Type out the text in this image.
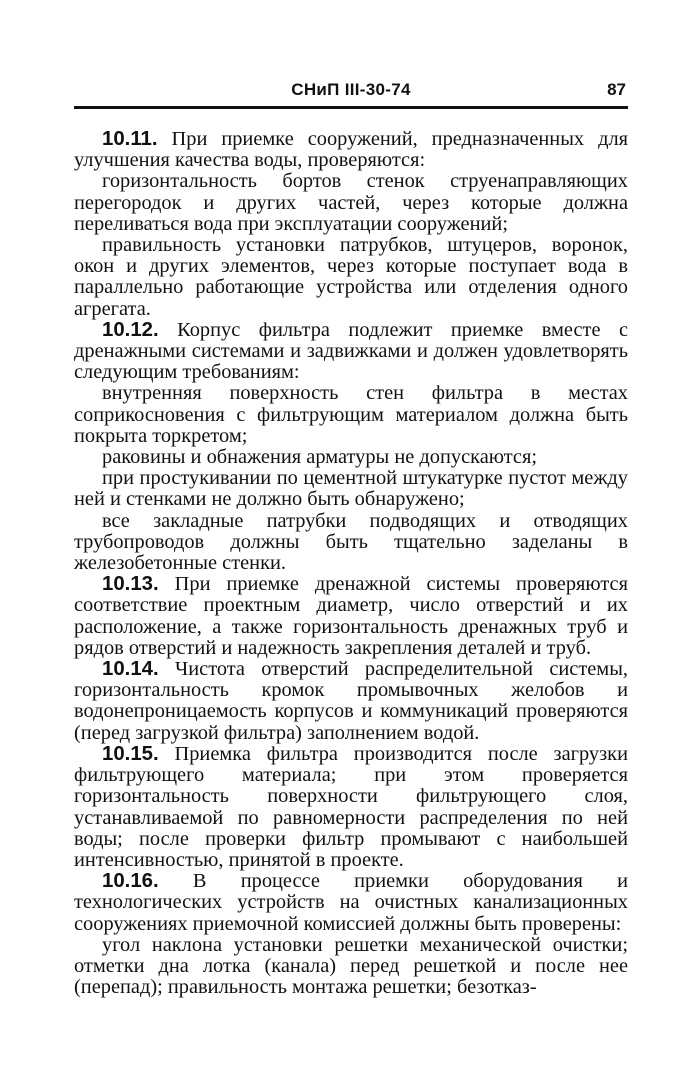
СНиП III-30-74	87

10.11. При приемке сооружений, предназначенных для улучшения качества воды, проверяются:

горизонтальность бортов стенок струенаправляющих перегородок и других частей, через которые должна переливаться вода при эксплуатации сооружений;

правильность установки патрубков, штуцеров, воронок, окон и других элементов, через которые поступает вода в параллельно работающие устройства или отделения одного агрегата.

10.12. Корпус фильтра подлежит приемке вместе с дренажными системами и задвижками и должен удовлетворять следующим требованиям:

внутренняя поверхность стен фильтра в местах соприкосновения с фильтрующим материалом должна быть покрыта торкретом;

раковины и обнажения арматуры не допускаются;

при простукивании по цементной штукатурке пустот между ней и стенками не должно быть обнаружено;

все закладные патрубки подводящих и отводящих трубопроводов должны быть тщательно заделаны в железобетонные стенки.

10.13. При приемке дренажной системы проверяются соответствие проектным диаметр, число отверстий и их расположение, а также горизонтальность дренажных труб и рядов отверстий и надежность закрепления деталей и труб.

10.14. Чистота отверстий распределительной системы, горизонтальность кромок промывочных желобов и водонепроницаемость корпусов и коммуникаций проверяются (перед загрузкой фильтра) заполнением водой.

10.15. Приемка фильтра производится после загрузки фильтрующего материала; при этом проверяется горизонтальность поверхности фильтрующего слоя, устанавливаемой по равномерности распределения по ней воды; после проверки фильтр промывают с наибольшей интенсивностью, принятой в проекте.

10.16. В процессе приемки оборудования и технологических устройств на очистных канализационных сооружениях приемочной комиссией должны быть проверены:

угол наклона установки решетки механической очистки; отметки дна лотка (канала) перед решеткой и после нее (перепад); правильность монтажа решетки; безотказ-
